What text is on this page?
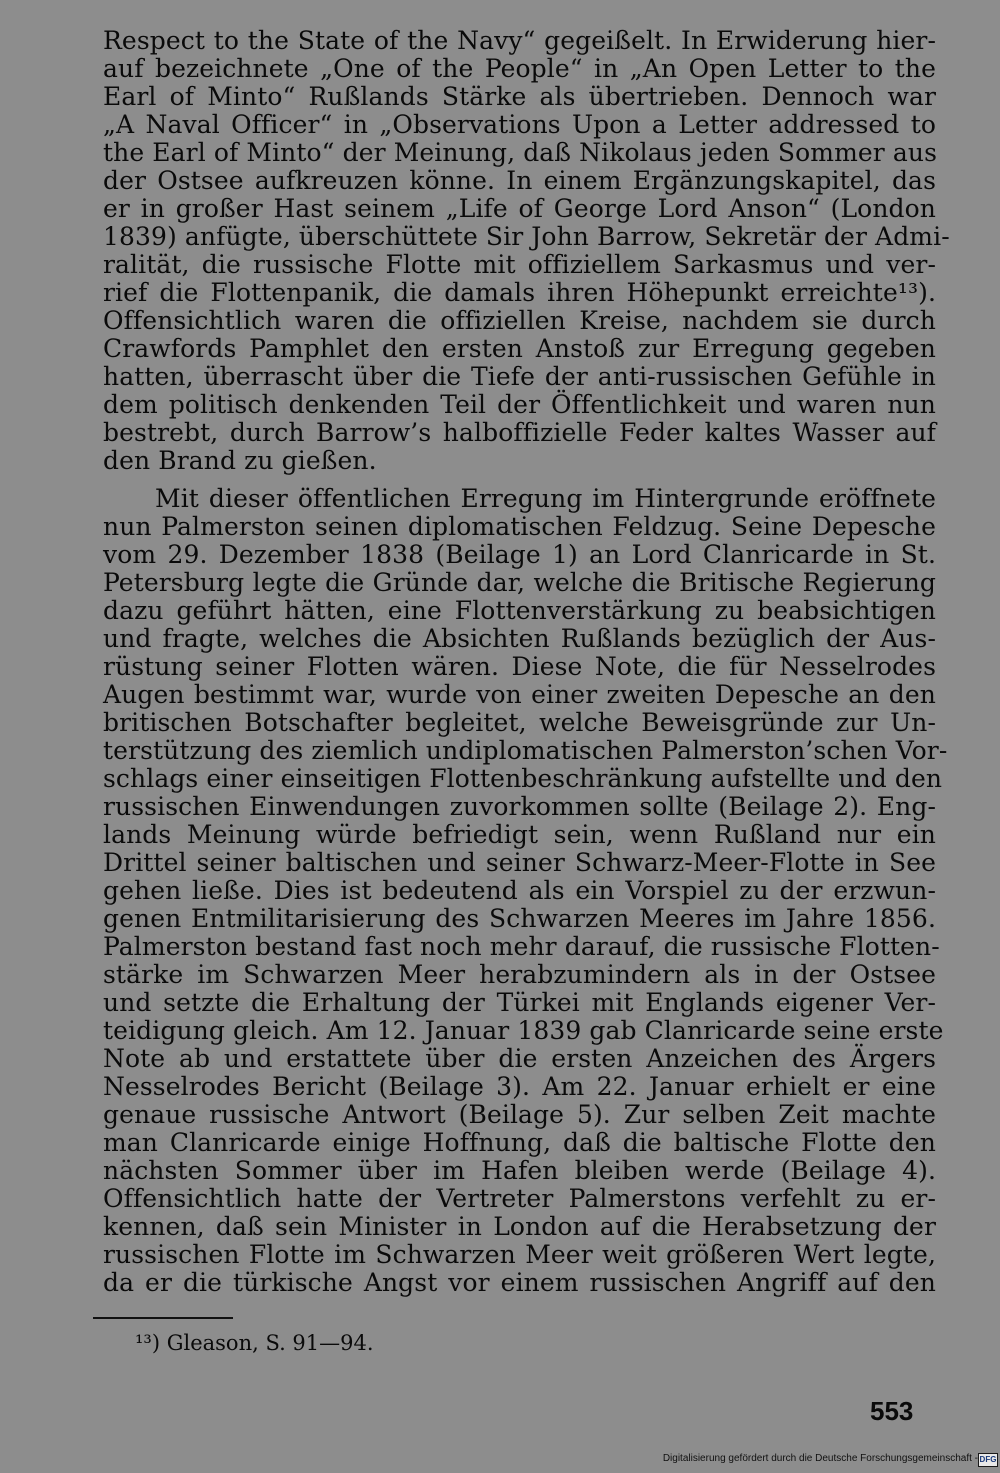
Respect to the State of the Navy“ gegeißelt. In Erwiderung hier-
auf bezeichnete „One of the People“ in „An Open Letter to the
Earl of Minto“ Rußlands Stärke als übertrieben. Dennoch war
„A Naval Officer“ in „Observations Upon a Letter addressed to
the Earl of Minto“ der Meinung, daß Nikolaus jeden Sommer aus
der Ostsee aufkreuzen könne. In einem Ergänzungskapitel, das
er in großer Hast seinem „Life of George Lord Anson“ (London
1839) anfügte, überschüttete Sir John Barrow, Sekretär der Admi-
ralität, die russische Flotte mit offiziellem Sarkasmus und ver-
rief die Flottenpanik, die damals ihren Höhepunkt erreichte¹³).
Offensichtlich waren die offiziellen Kreise, nachdem sie durch
Crawfords Pamphlet den ersten Anstoß zur Erregung gegeben
hatten, überrascht über die Tiefe der anti-russischen Gefühle in
dem politisch denkenden Teil der Öffentlichkeit und waren nun
bestrebt, durch Barrow’s halboffizielle Feder kaltes Wasser auf
den Brand zu gießen.
Mit dieser öffentlichen Erregung im Hintergrunde eröffnete
nun Palmerston seinen diplomatischen Feldzug. Seine Depesche
vom 29. Dezember 1838 (Beilage 1) an Lord Clanricarde in St.
Petersburg legte die Gründe dar, welche die Britische Regierung
dazu geführt hätten, eine Flottenverstärkung zu beabsichtigen
und fragte, welches die Absichten Rußlands bezüglich der Aus-
rüstung seiner Flotten wären. Diese Note, die für Nesselrodes
Augen bestimmt war, wurde von einer zweiten Depesche an den
britischen Botschafter begleitet, welche Beweisgründe zur Un-
terstützung des ziemlich undiplomatischen Palmerston’schen Vor-
schlags einer einseitigen Flottenbeschränkung aufstellte und den
russischen Einwendungen zuvorkommen sollte (Beilage 2). Eng-
lands Meinung würde befriedigt sein, wenn Rußland nur ein
Drittel seiner baltischen und seiner Schwarz-Meer-Flotte in See
gehen ließe. Dies ist bedeutend als ein Vorspiel zu der erzwun-
genen Entmilitarisierung des Schwarzen Meeres im Jahre 1856.
Palmerston bestand fast noch mehr darauf, die russische Flotten-
stärke im Schwarzen Meer herabzumindern als in der Ostsee
und setzte die Erhaltung der Türkei mit Englands eigener Ver-
teidigung gleich. Am 12. Januar 1839 gab Clanricarde seine erste
Note ab und erstattete über die ersten Anzeichen des Ärgers
Nesselrodes Bericht (Beilage 3). Am 22. Januar erhielt er eine
genaue russische Antwort (Beilage 5). Zur selben Zeit machte
man Clanricarde einige Hoffnung, daß die baltische Flotte den
nächsten Sommer über im Hafen bleiben werde (Beilage 4).
Offensichtlich hatte der Vertreter Palmerstons verfehlt zu er-
kennen, daß sein Minister in London auf die Herabsetzung der
russischen Flotte im Schwarzen Meer weit größeren Wert legte,
da er die türkische Angst vor einem russischen Angriff auf den
¹³) Gleason, S. 91—94.
553
Digitalisierung gefördert durch die Deutsche Forschungsgemeinschaft - DFG
